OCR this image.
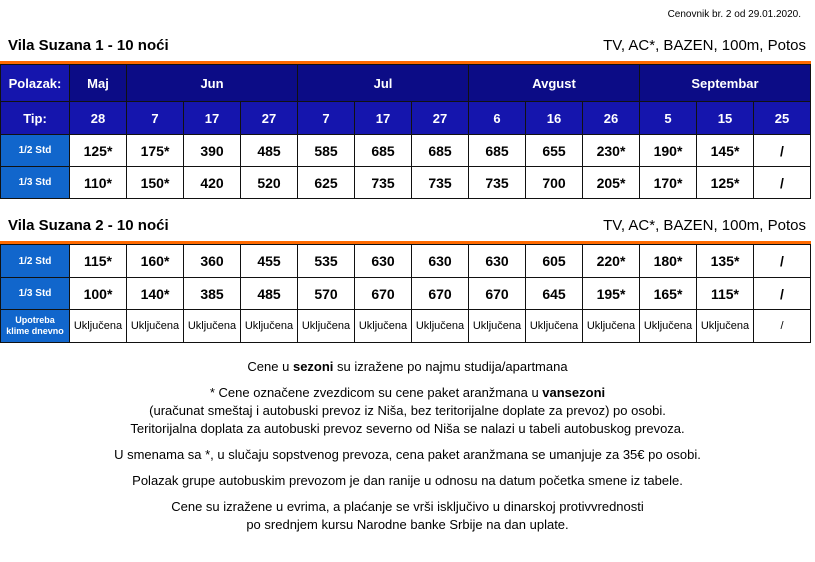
Cenovnik br. 2 od 29.01.2020.
Vila Suzana 1 - 10 noći	TV, AC*, BAZEN, 100m, Potos
Polazak:	Maj	Jun			Jul			Avgust			Septembar		
Tip:	28	7	17	27	7	17	27	6	16	26	5	15	25
1/2 Std	125*	175*	390	485	585	685	685	685	655	230*	190*	145*	/
1/3 Std	110*	150*	420	520	625	735	735	735	700	205*	170*	125*	/
Vila Suzana 2 - 10 noći	TV, AC*, BAZEN, 100m, Potos
1/2 Std	115*	160*	360	455	535	630	630	630	605	220*	180*	135*	/
1/3 Std	100*	140*	385	485	570	670	670	670	645	195*	165*	115*	/

Upotreba
klime dnevno	Uključena	Uključena	Uključena	Uključena	Uključena	Uključena	Uključena	Uključena	Uključena	Uključena	Uključena	Uključena	/

Cene u sezoni su izražene po najmu studija/apartmana

* Cene označene zvezdicom su cene paket aranžmana u vansezoni

(uračunat smeštaj i autobuski prevoz iz Niša, bez teritorijalne doplate za prevoz) po osobi.

Teritorijalna doplata za autobuski prevoz severno od Niša se nalazi u tabeli autobuskog prevoza.

U smenama sa *, u slučaju sopstvenog prevoza, cena paket aranžmana se umanjuje za 35€ po osobi.

Polazak grupe autobuskim prevozom je dan ranije u odnosu na datum početka smene iz tabele.

Cene su izražene u evrima, a plaćanje se vrši isključivo u dinarskoj protivvrednosti

po srednjem kursu Narodne banke Srbije na dan uplate.
